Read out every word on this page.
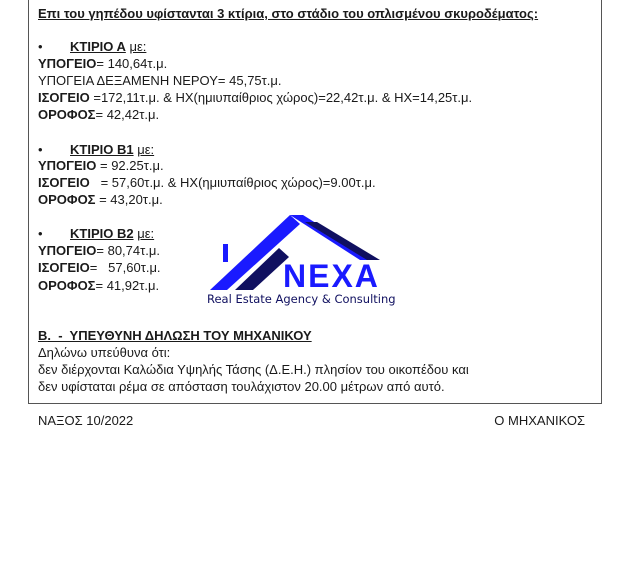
Επι του γηπέδου υφίστανται 3 κτίρια, στο στάδιο του οπλισμένου σκυροδέματος:
• ΚΤΙΡΙΟ Α με:
ΥΠΟΓΕΙΟ= 140,64τ.μ.
ΥΠΟΓΕΙΑ ΔΕΞΑΜΕΝΗ ΝΕΡΟΥ= 45,75τ.μ.
ΙΣΟΓΕΙΟ =172,11τ.μ. & ΗΧ(ημιυπαίθριος χώρος)=22,42τ.μ. & ΗΧ=14,25τ.μ.
ΟΡΟΦΟΣ= 42,42τ.μ.
• ΚΤΙΡΙΟ Β1 με:
ΥΠΟΓΕΙΟ = 92.25τ.μ.
ΙΣΟΓΕΙΟ   = 57,60τ.μ. & ΗΧ(ημιυπαίθριος χώρος)=9.00τ.μ.
ΟΡΟΦΟΣ = 43,20τ.μ.
• ΚΤΙΡΙΟ Β2 με:
ΥΠΟΓΕΙΟ= 80,74τ.μ.
ΙΣΟΓΕΙΟ=   57,60τ.μ.
ΟΡΟΦΟΣ= 41,92τ.μ.
Β.  -  ΥΠΕΥΘΥΝΗ ΔΗΛΩΣΗ ΤΟΥ ΜΗΧΑΝΙΚΟΥ
Δηλώνω υπεύθυνα ότι:
δεν διέρχονται Καλώδια Υψηλής Τάσης (Δ.Ε.Η.) πλησίον του οικοπέδου και
δεν υφίσταται ρέμα σε απόσταση τουλάχιστον 20.00 μέτρων από αυτό.
ΝΑΞΟΣ 10/2022	Ο ΜΗΧΑΝΙΚΟΣ
NEXA
Real Estate Agency & Consulting
